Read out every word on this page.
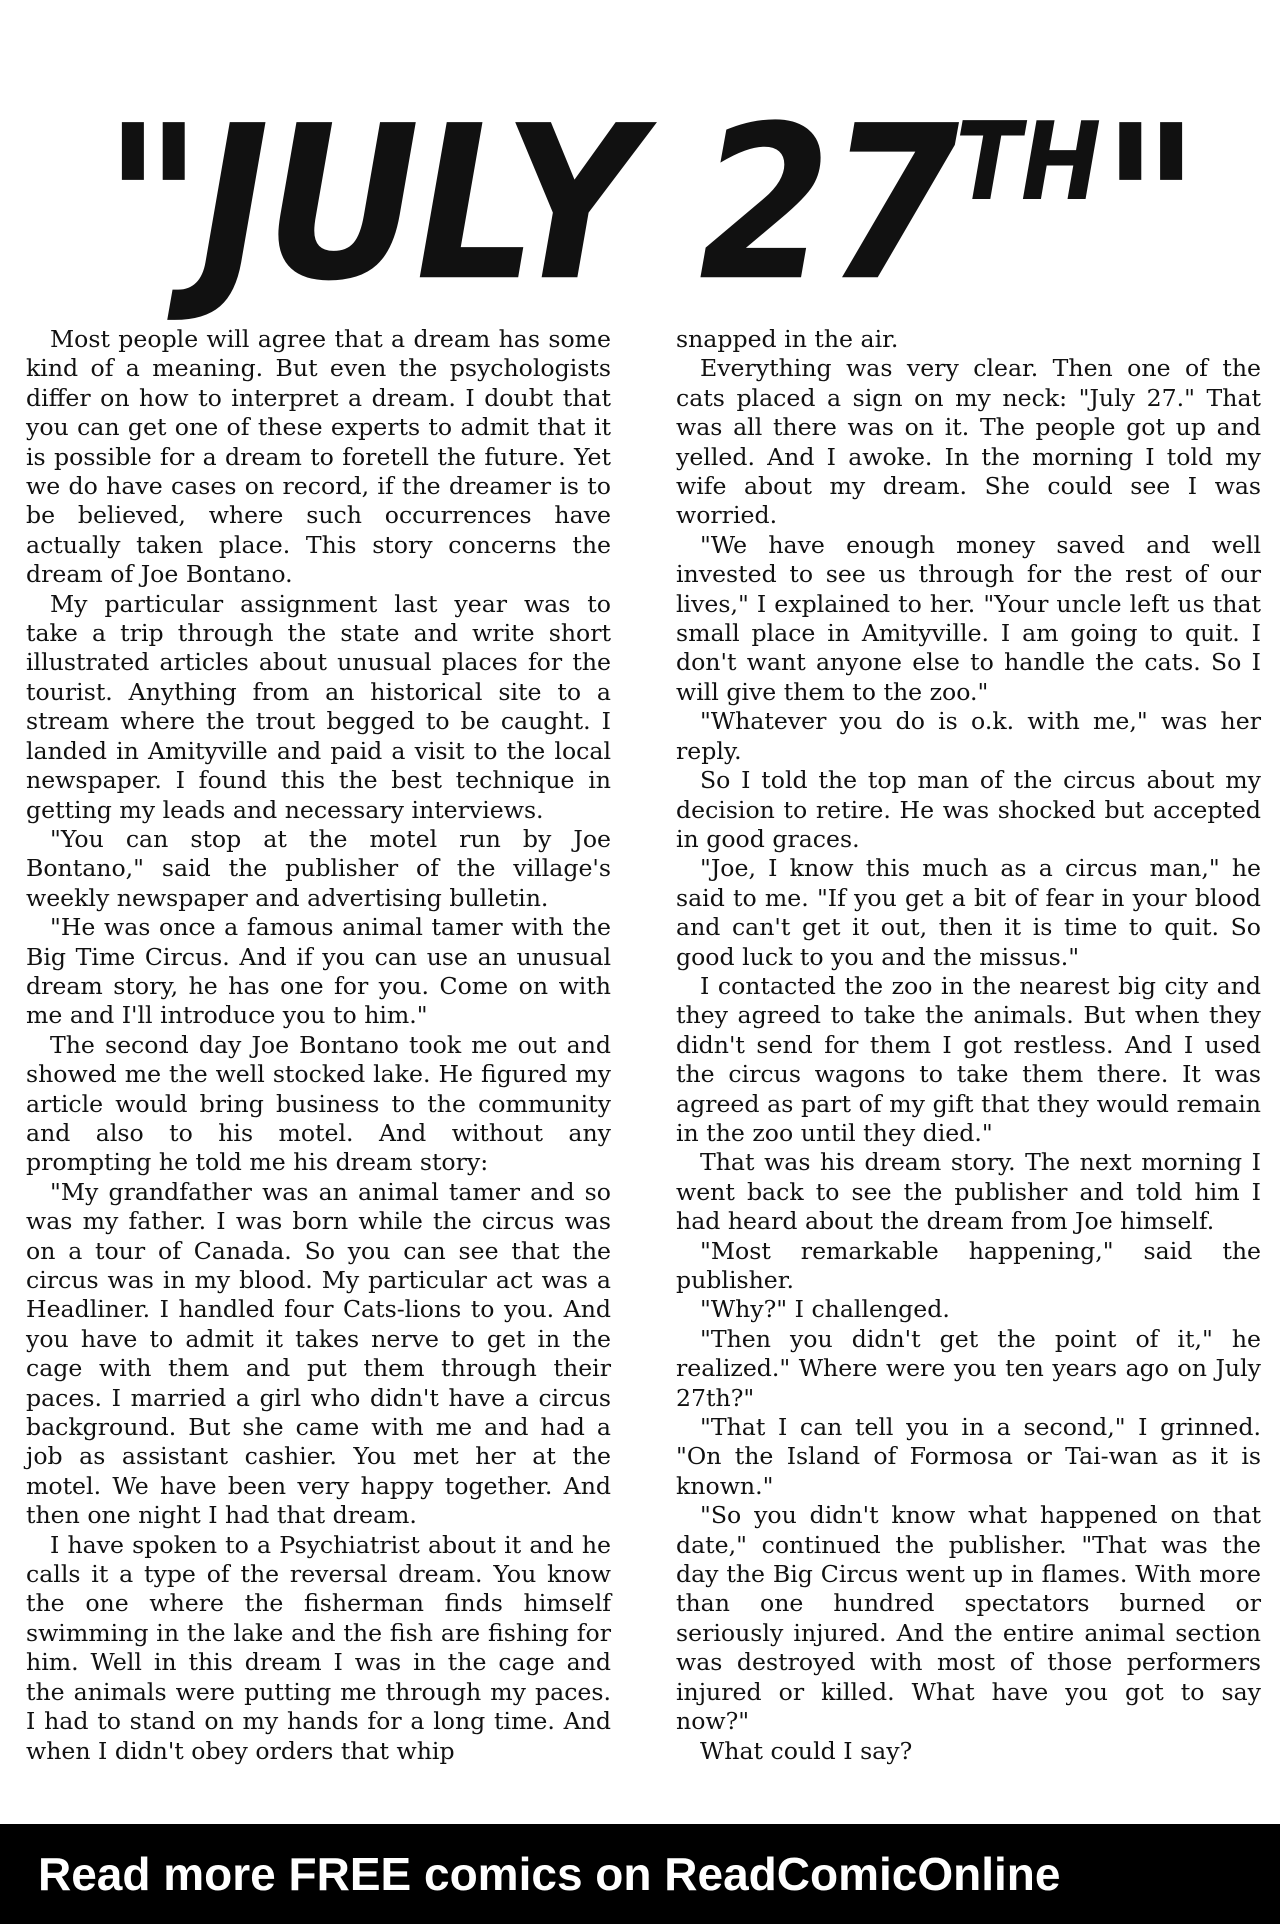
"JULY 27TH"

Most people will agree that a dream has some kind of a meaning. But even the psychologists differ on how to interpret a dream. I doubt that you can get one of these experts to admit that it is possible for a dream to foretell the future. Yet we do have cases on record, if the dreamer is to be believed, where such occurrences have actually taken place. This story concerns the dream of Joe Bontano.

My particular assignment last year was to take a trip through the state and write short illustrated articles about unusual places for the tourist. Anything from an historical site to a stream where the trout begged to be caught. I landed in Amityville and paid a visit to the local newspaper. I found this the best technique in getting my leads and necessary interviews.

"You can stop at the motel run by Joe Bontano," said the publisher of the village's weekly newspaper and advertising bulletin.

"He was once a famous animal tamer with the Big Time Circus. And if you can use an unusual dream story, he has one for you. Come on with me and I'll introduce you to him."

The second day Joe Bontano took me out and showed me the well stocked lake. He figured my article would bring business to the community and also to his motel. And without any prompting he told me his dream story:

"My grandfather was an animal tamer and so was my father. I was born while the circus was on a tour of Canada. So you can see that the circus was in my blood. My particular act was a Headliner. I handled four Cats-lions to you. And you have to admit it takes nerve to get in the cage with them and put them through their paces. I married a girl who didn't have a circus background. But she came with me and had a job as assistant cashier. You met her at the motel. We have been very happy together. And then one night I had that dream.

I have spoken to a Psychiatrist about it and he calls it a type of the reversal dream. You know the one where the fisherman finds himself swimming in the lake and the fish are fishing for him. Well in this dream I was in the cage and the animals were putting me through my paces. I had to stand on my hands for a long time. And when I didn't obey orders that whip

snapped in the air.

Everything was very clear. Then one of the cats placed a sign on my neck: "July 27." That was all there was on it. The people got up and yelled. And I awoke. In the morning I told my wife about my dream. She could see I was worried.

"We have enough money saved and well invested to see us through for the rest of our lives," I explained to her. "Your uncle left us that small place in Amityville. I am going to quit. I don't want anyone else to handle the cats. So I will give them to the zoo."

"Whatever you do is o.k. with me," was her reply.

So I told the top man of the circus about my decision to retire. He was shocked but accepted in good graces.

"Joe, I know this much as a circus man," he said to me. "If you get a bit of fear in your blood and can't get it out, then it is time to quit. So good luck to you and the missus."

I contacted the zoo in the nearest big city and they agreed to take the animals. But when they didn't send for them I got restless. And I used the circus wagons to take them there. It was agreed as part of my gift that they would remain in the zoo until they died."

That was his dream story. The next morning I went back to see the publisher and told him I had heard about the dream from Joe himself.

"Most remarkable happening," said the publisher.

"Why?" I challenged.

"Then you didn't get the point of it," he realized." Where were you ten years ago on July 27th?"

"That I can tell you in a second," I grinned. "On the Island of Formosa or Tai-wan as it is known."

"So you didn't know what happened on that date," continued the publisher. "That was the day the Big Circus went up in flames. With more than one hundred spectators burned or seriously injured. And the entire animal section was destroyed with most of those performers injured or killed. What have you got to say now?"

What could I say?

Read more FREE comics on ReadComicOnline
